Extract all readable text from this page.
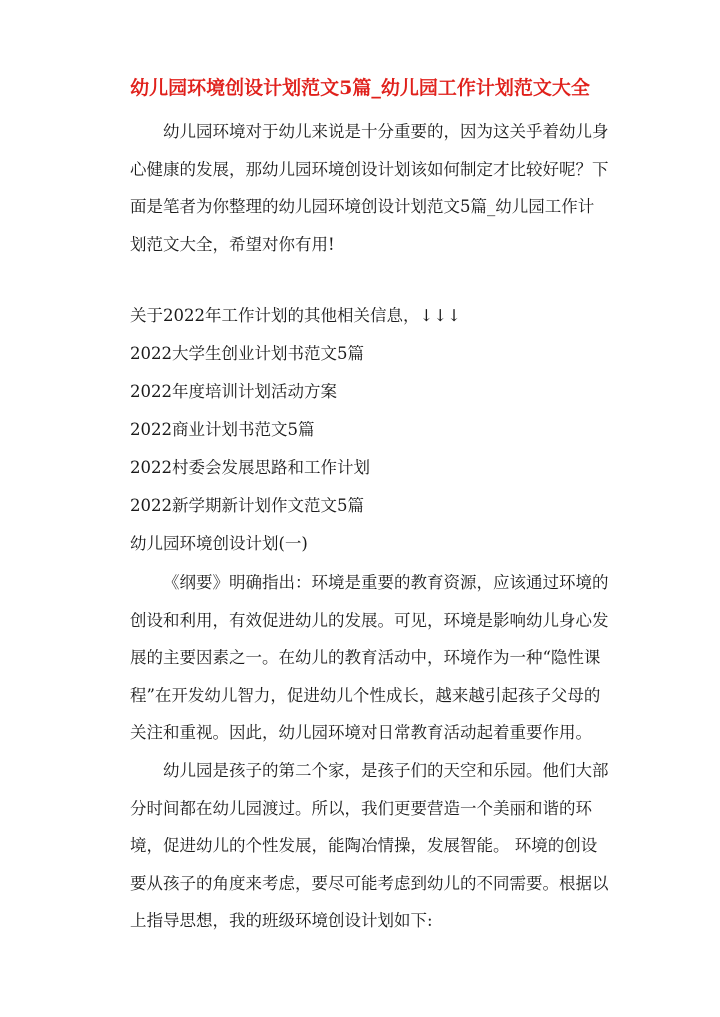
幼儿园环境创设计划范文5篇_幼儿园工作计划范文大全

幼儿园环境对于幼儿来说是十分重要的，因为这关乎着幼儿身心健康的发展，那幼儿园环境创设计划该如何制定才比较好呢？下面是笔者为你整理的幼儿园环境创设计划范文5篇_幼儿园工作计划范文大全，希望对你有用!

关于2022年工作计划的其他相关信息，↓↓↓

2022大学生创业计划书范文5篇

2022年度培训计划活动方案

2022商业计划书范文5篇

2022村委会发展思路和工作计划

2022新学期新计划作文范文5篇

幼儿园环境创设计划(一)

《纲要》明确指出：环境是重要的教育资源，应该通过环境的创设和利用，有效促进幼儿的发展。可见，环境是影响幼儿身心发展的主要因素之一。在幼儿的教育活动中，环境作为一种“隐性课程”在开发幼儿智力，促进幼儿个性成长，越来越引起孩子父母的关注和重视。因此，幼儿园环境对日常教育活动起着重要作用。

幼儿园是孩子的第二个家，是孩子们的天空和乐园。他们大部分时间都在幼儿园渡过。所以，我们更要营造一个美丽和谐的环境，促进幼儿的个性发展，能陶冶情操，发展智能。 环境的创设要从孩子的角度来考虑，要尽可能考虑到幼儿的不同需要。根据以上指导思想，我的班级环境创设计划如下:
